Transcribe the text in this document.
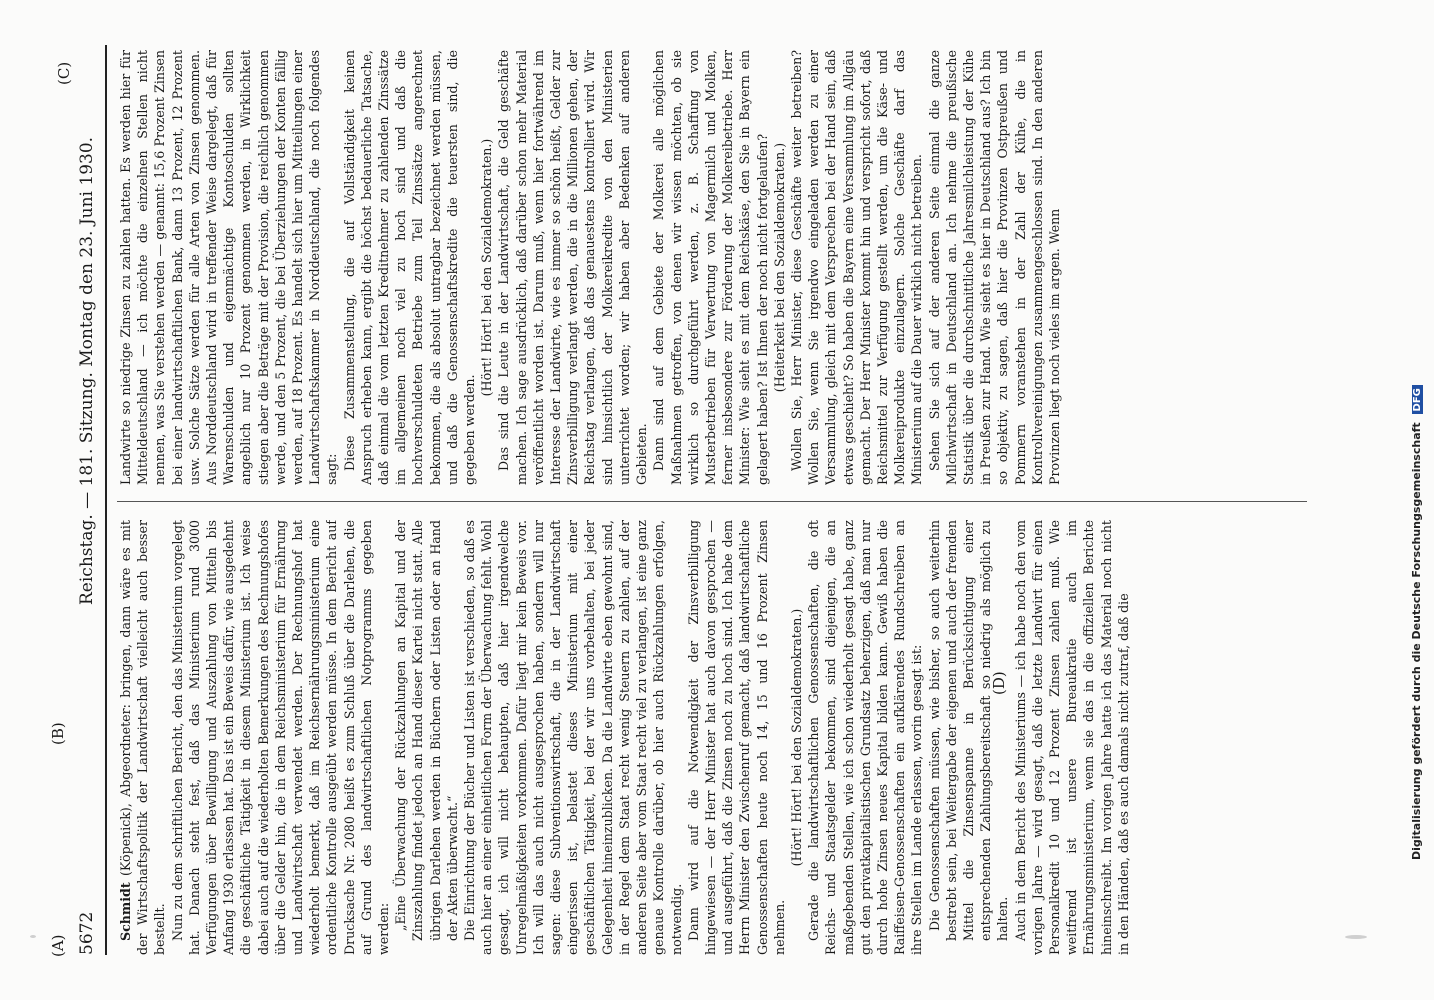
5672
Reichstag. — 181. Sitzung. Montag den 23. Juni 1930.
(A)
(B)
(C)
(D)

Schmidt (Köpenick), Abgeordneter: bringen, dann wäre es mit der Wirtschaftspolitik der Landwirtschaft vielleicht auch besser bestellt. Nun zu dem schriftlichen Bericht, den das Ministerium vorgelegt hat. Danach steht fest, daß das Ministerium rund 3000 Verfügungen über Bewilligung und Auszahlung von Mitteln bis Anfang 1930 erlassen hat. Das ist ein Beweis dafür, wie ausgedehnt die geschäftliche Tätigkeit in diesem Ministerium ist. Ich weise dabei auch auf die wiederholten Bemerkungen des Rechnungshofes über die Gelder hin, die in dem Reichsministerium für Ernährung und Landwirtschaft verwendet werden. Der Rechnungshof hat wiederholt bemerkt, daß im Reichsernährungsministerium eine ordentliche Kontrolle ausgeübt werden müsse. In dem Bericht auf Drucksache Nr. 2080 heißt es zum Schluß über die Darlehen, die auf Grund des landwirtschaftlichen Notprogramms gegeben werden: „Eine Überwachung der Rückzahlungen an Kapital und der Zinszahlung findet jedoch an Hand dieser Kartei nicht statt. Alle übrigen Darlehen werden in Büchern oder Listen oder an Hand der Akten überwacht.“ Die Einrichtung der Bücher und Listen ist verschieden, so daß es auch hier an einer einheitlichen Form der Überwachung fehlt. Wohl gesagt, ich will nicht behaupten, daß hier irgendwelche Unregelmäßigkeiten vorkommen. Dafür liegt mir kein Beweis vor. Ich will das auch nicht ausgesprochen haben, sondern will nur sagen: diese Subventionswirtschaft, die in der Landwirtschaft eingerissen ist, belastet dieses Ministerium mit einer geschäftlichen Tätigkeit, bei der wir uns vorbehalten, bei jeder Gelegenheit hineinzublicken. Da die Landwirte eben gewohnt sind, in der Regel dem Staat recht wenig Steuern zu zahlen, auf der anderen Seite aber vom Staat recht viel zu verlangen, ist eine ganz genaue Kontrolle darüber, ob hier auch Rückzahlungen erfolgen, notwendig. Dann wird auf die Notwendigkeit der Zinsverbilligung hingewiesen — der Herr Minister hat auch davon gesprochen — und ausgeführt, daß die Zinsen noch zu hoch sind. Ich habe dem Herrn Minister den Zwischenruf gemacht, daß landwirtschaftliche Genossenschaften heute noch 14, 15 und 16 Prozent Zinsen nehmen.

(Hört! Hört! bei den Sozialdemokraten.) Gerade die landwirtschaftlichen Genossenschaften, die oft Reichs- und Staatsgelder bekommen, sind diejenigen, die an maßgebenden Stellen, wie ich schon wiederholt gesagt habe, ganz gut den privatkapitalistischen Grundsatz beherzigen, daß man nur durch hohe Zinsen neues Kapital bilden kann. Gewiß haben die Raiffeisen-Genossenschaften ein aufklärendes Rundschreiben an ihre Stellen im Lande erlassen, worin gesagt ist: Die Genossenschaften müssen, wie bisher, so auch weiterhin bestrebt sein, bei Weitergabe der eigenen und auch der fremden Mittel die Zinsenspanne in Berücksichtigung einer entsprechenden Zahlungsbereitschaft so niedrig als möglich zu halten. Auch in dem Bericht des Ministeriums — ich habe noch den vom vorigen Jahre — wird gesagt, daß die letzte Landwirt für einen Personalkredit 10 und 12 Prozent Zinsen zahlen muß. Wie weitfremd ist unsere Bureaukratie auch im Ernährungsministerium, wenn sie das in die offiziellen Berichte hineinschreibt. Im vorigen Jahre hatte ich das Material noch nicht in den Händen, daß es auch damals nicht zutraf, daß die

Landwirte so niedrige Zinsen zu zahlen hatten. Es werden hier für Mitteldeutschland — ich möchte die einzelnen Stellen nicht nennen, was Sie verstehen werden — genannt: 15,6 Prozent Zinsen bei einer landwirtschaftlichen Bank, dann 13 Prozent, 12 Prozent usw. Solche Sätze werden für alle Arten von Zinsen genommen. Aus Norddeutschland wird in treffender Weise dargelegt, daß für Warenschulden und eigenmächtige Kontoschulden sollten angeblich nur 10 Prozent genommen werden, in Wirklichkeit stiegen aber die Beträge mit der Provision, die reichlich genommen werde, und den 5 Prozent, die bei Überziehungen der Konten fällig werden, auf 18 Prozent. Es handelt sich hier um Mitteilungen einer Landwirtschaftskammer in Norddeutschland, die noch folgendes sagt: Diese Zusammenstellung, die auf Vollständigkeit keinen Anspruch erheben kann, ergibt die höchst bedauerliche Tatsache, daß einmal die vom letzten Kreditnehmer zu zahlenden Zinssätze im allgemeinen noch viel zu hoch sind und daß die hochverschuldeten Betriebe zum Teil Zinssätze angerechnet bekommen, die als absolut untragbar bezeichnet werden müssen, und daß die Genossenschaftskredite die teuersten sind, die gegeben werden.

(Hört! Hört! bei den Sozialdemokraten.) Das sind die Leute in der Landwirtschaft, die Geld geschäfte machen. Ich sage ausdrücklich, daß darüber schon mehr Material veröffentlicht worden ist. Darum muß, wenn hier fortwährend im Interesse der Landwirte, wie es immer so schön heißt, Gelder zur Zinsverbilligung verlangt werden, die in die Millionen gehen, der Reichstag verlangen, daß das genauestens kontrolliert wird. Wir sind hinsichtlich der Molkereikredite von den Ministerien unterrichtet worden; wir haben aber Bedenken auf anderen Gebieten. Dann sind auf dem Gebiete der Molkerei alle möglichen Maßnahmen getroffen, von denen wir wissen möchten, ob sie wirklich so durchgeführt werden, z. B. Schaffung von Musterbetrieben für Verwertung von Magermilch und Molken, ferner insbesondere zur Förderung der Molkereibetriebe. Herr Minister: Wie sieht es mit dem Reichskäse, den Sie in Bayern ein gelagert haben? Ist Ihnen der noch nicht fortgelaufen? (Heiterkeit bei den Sozialdemokraten.) Wollen Sie, Herr Minister, diese Geschäfte weiter betreiben? Wollen Sie, wenn Sie irgendwo eingeladen werden zu einer Versammlung, gleich mit dem Versprechen bei der Hand sein, daß etwas geschieht? So haben die Bayern eine Versammlung im Allgäu gemacht. Der Herr Minister kommt hin und verspricht sofort, daß Reichsmittel zur Verfügung gestellt werden, um die Käse- und Molkereiprodukte einzulagern. Solche Geschäfte darf das Ministerium auf die Dauer wirklich nicht betreiben. Sehen Sie sich auf der anderen Seite einmal die ganze Milchwirtschaft in Deutschland an. Ich nehme die preußische Statistik über die durchschnittliche Jahresmilchleistung der Kühe in Preußen zur Hand. Wie sieht es hier in Deutschland aus? Ich bin so objektiv, zu sagen, daß hier die Provinzen Ostpreußen und Pommern voranstehen in der Zahl der Kühe, die in Kontrollvereinigungen zusammengeschlossen sind. In den anderen Provinzen liegt noch vieles im argen. Wenn

Digitalisierung gefördert durch die Deutsche Forschungsgemeinschaft DFG
